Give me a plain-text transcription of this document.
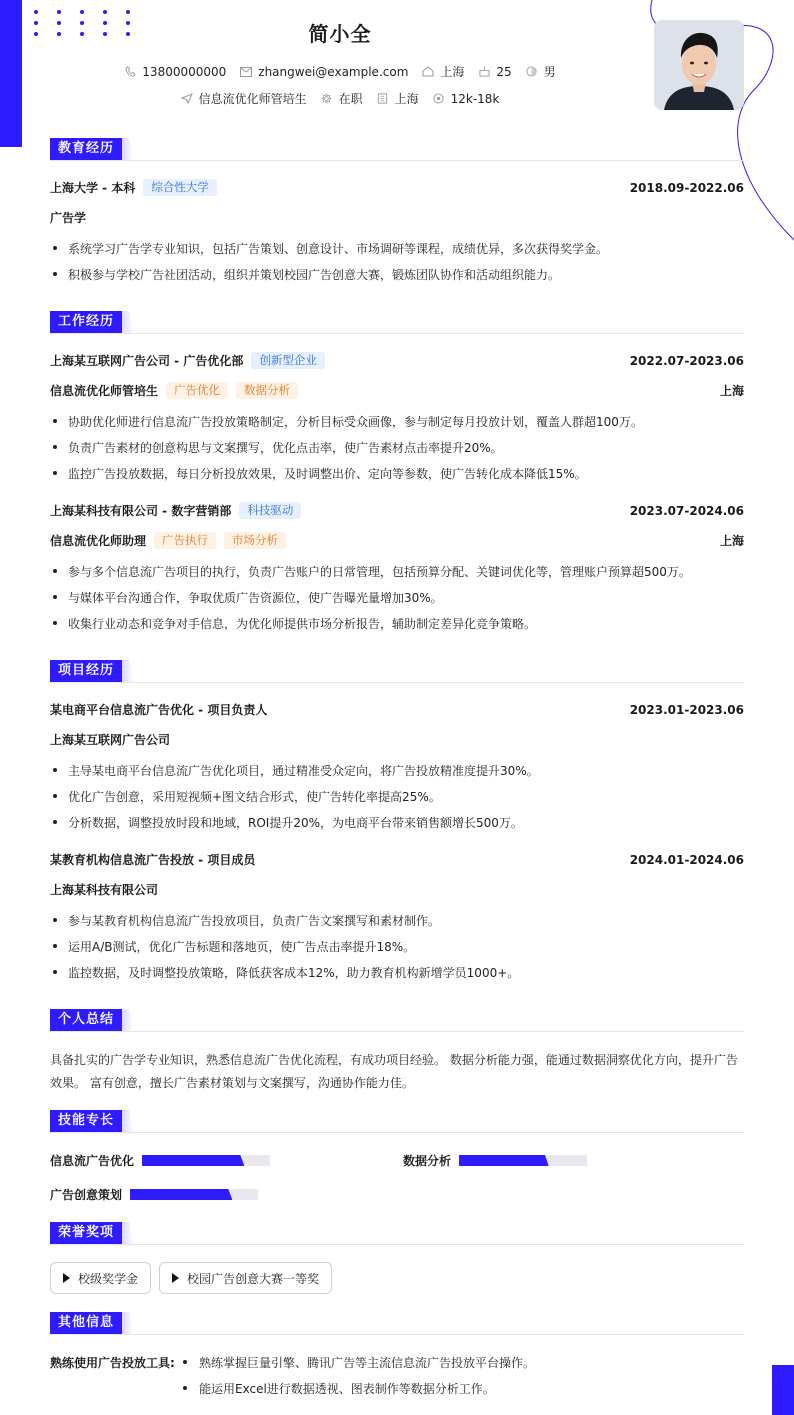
简小全
13800000000	zhangwei@example.com	上海	25	男
信息流优化师管培生	在职	上海	12k-18k
教育经历
上海大学 - 本科	综合性大学	2018.09-2022.06
广告学
系统学习广告学专业知识，包括广告策划、创意设计、市场调研等课程，成绩优异，多次获得奖学金。
积极参与学校广告社团活动，组织并策划校园广告创意大赛，锻炼团队协作和活动组织能力。
工作经历
上海某互联网广告公司 - 广告优化部	创新型企业	2022.07-2023.06
信息流优化师管培生	广告优化	数据分析	上海
协助优化师进行信息流广告投放策略制定，分析目标受众画像，参与制定每月投放计划，覆盖人群超100万。
负责广告素材的创意构思与文案撰写，优化点击率，使广告素材点击率提升20%。
监控广告投放数据，每日分析投放效果，及时调整出价、定向等参数，使广告转化成本降低15%。
上海某科技有限公司 - 数字营销部	科技驱动	2023.07-2024.06
信息流优化师助理	广告执行	市场分析	上海
参与多个信息流广告项目的执行，负责广告账户的日常管理，包括预算分配、关键词优化等，管理账户预算超500万。
与媒体平台沟通合作，争取优质广告资源位，使广告曝光量增加30%。
收集行业动态和竞争对手信息，为优化师提供市场分析报告，辅助制定差异化竞争策略。
项目经历
某电商平台信息流广告优化 - 项目负责人	2023.01-2023.06
上海某互联网广告公司
主导某电商平台信息流广告优化项目，通过精准受众定向，将广告投放精准度提升30%。
优化广告创意，采用短视频+图文结合形式，使广告转化率提高25%。
分析数据，调整投放时段和地域，ROI提升20%，为电商平台带来销售额增长500万。
某教育机构信息流广告投放 - 项目成员	2024.01-2024.06
上海某科技有限公司
参与某教育机构信息流广告投放项目，负责广告文案撰写和素材制作。
运用A/B测试，优化广告标题和落地页，使广告点击率提升18%。
监控数据，及时调整投放策略，降低获客成本12%，助力教育机构新增学员1000+。
个人总结
具备扎实的广告学专业知识，熟悉信息流广告优化流程，有成功项目经验。 数据分析能力强，能通过数据洞察优化方向，提升广告效果。 富有创意，擅长广告素材策划与文案撰写，沟通协作能力佳。
技能专长
信息流广告优化	数据分析
广告创意策划
荣誉奖项
校级奖学金	校园广告创意大赛一等奖
其他信息
熟练使用广告投放工具:	熟练掌握巨量引擎、腾讯广告等主流信息流广告投放平台操作。
能运用Excel进行数据透视、图表制作等数据分析工作。
